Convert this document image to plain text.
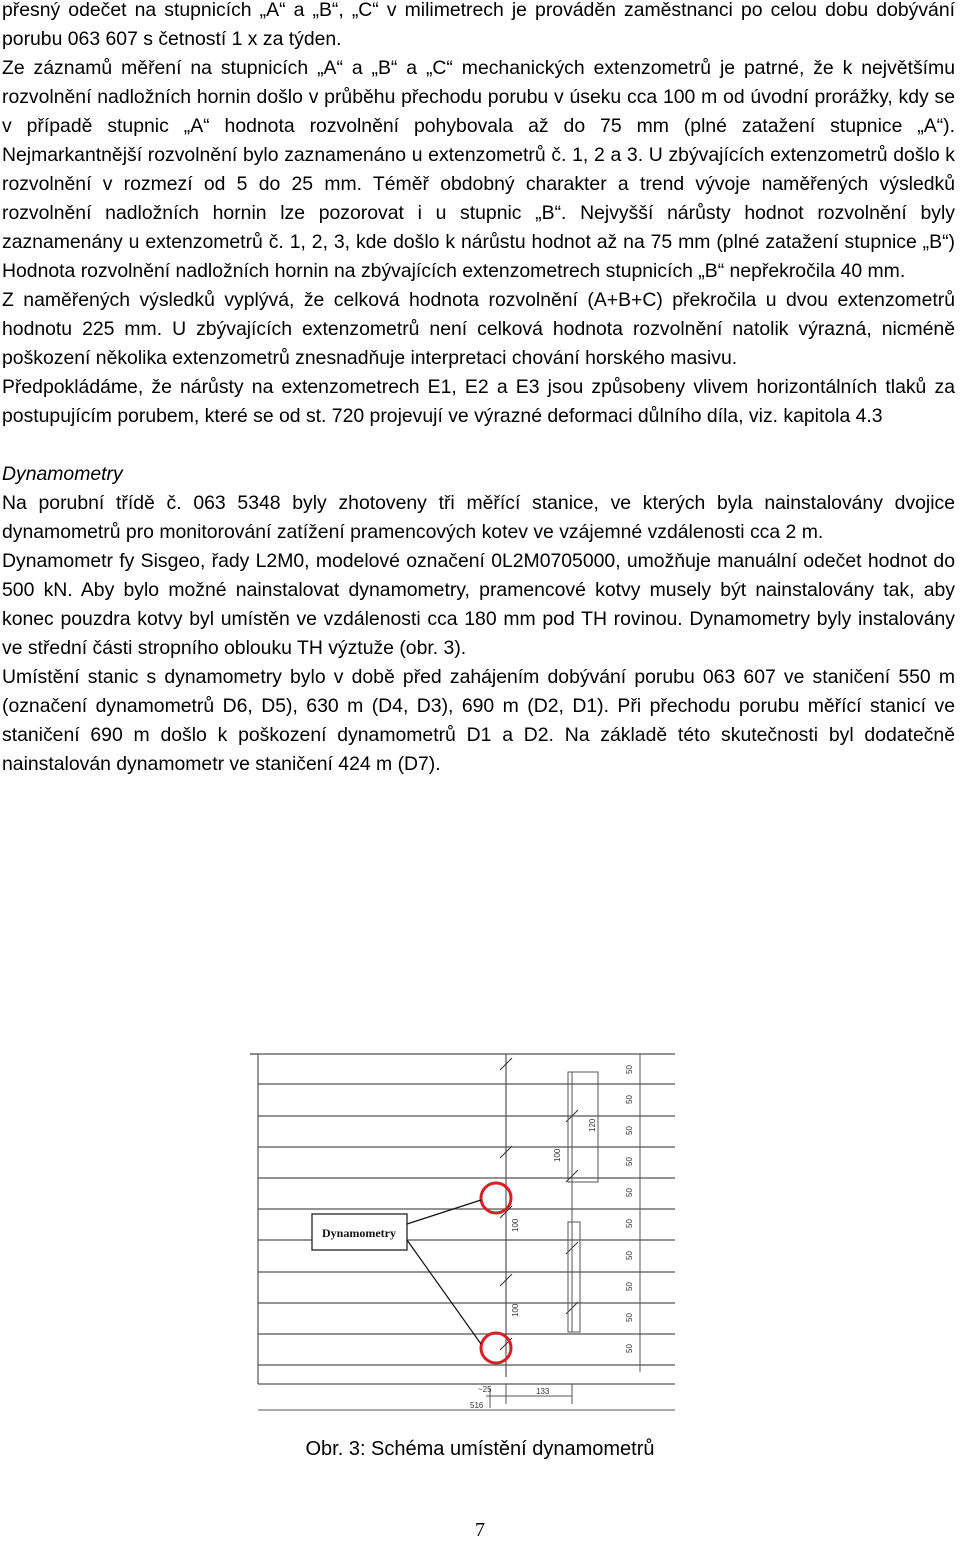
přesný odečet na stupnicích „A“ a „B“, „C“ v milimetrech je prováděn zaměstnanci po celou dobu dobývání porubu 063 607 s četností 1 x za týden.

Ze záznamů měření na stupnicích „A“ a „B“ a „C“ mechanických extenzometrů je patrné, že k největšímu rozvolnění nadložních hornin došlo v průběhu přechodu porubu v úseku cca 100 m od úvodní prorážky, kdy se v případě stupnic „A“ hodnota rozvolnění pohybovala až do 75 mm (plné zatažení stupnice „A“). Nejmarkantnější rozvolnění bylo zaznamenáno u extenzometrů č. 1, 2 a 3. U zbývajících extenzometrů došlo k rozvolnění v rozmezí od 5 do 25 mm. Téměř obdobný charakter a trend vývoje naměřených výsledků rozvolnění nadložních hornin lze pozorovat i u stupnic „B“. Nejvyšší nárůsty hodnot rozvolnění byly zaznamenány u extenzometrů č. 1, 2, 3, kde došlo k nárůstu hodnot až na 75 mm (plné zatažení stupnice „B“) Hodnota rozvolnění nadložních hornin na zbývajících extenzometrech stupnicích „B“ nepřekročila 40 mm.

Z naměřených výsledků vyplývá, že celková hodnota rozvolnění (A+B+C) překročila u dvou extenzometrů hodnotu 225 mm. U zbývajících extenzometrů není celková hodnota rozvolnění natolik výrazná, nicméně poškození několika extenzometrů znesnadňuje interpretaci chování horského masivu.

Předpokládáme, že nárůsty na extenzometrech E1, E2 a E3 jsou způsobeny vlivem horizontálních tlaků za postupujícím porubem, které se od st. 720 projevují ve výrazné deformaci důlního díla, viz. kapitola 4.3

Dynamometry

Na porubní třídě č. 063 5348 byly zhotoveny tři měřící stanice, ve kterých byla nainstalovány dvojice dynamometrů pro monitorování zatížení pramencových kotev ve vzájemné vzdálenosti cca 2 m.

Dynamometr fy Sisgeo, řady L2M0, modelové označení 0L2M0705000, umožňuje manuální odečet hodnot do 500 kN. Aby bylo možné nainstalovat dynamometry, pramencové kotvy musely být nainstalovány tak, aby konec pouzdra kotvy byl umístěn ve vzdálenosti cca 180 mm pod TH rovinou. Dynamometry byly instalovány ve střední části stropního oblouku TH výztuže (obr. 3).

Umístění stanic s dynamometry bylo v době před zahájením dobývání porubu 063 607 ve staničení 550 m (označení dynamometrů D6, D5), 630 m (D4, D3), 690 m (D2, D1). Při přechodu porubu měřící stanicí ve staničení 690 m došlo k poškození dynamometrů D1 a D2. Na základě této skutečnosti byl dodatečně nainstalován dynamometr ve staničení 424 m (D7).

50
50
50
50
50
50
50
50
50
50
120
100
100
100
Dynamometry
~25	133
516
Obr. 3: Schéma umístění dynamometrů
7
